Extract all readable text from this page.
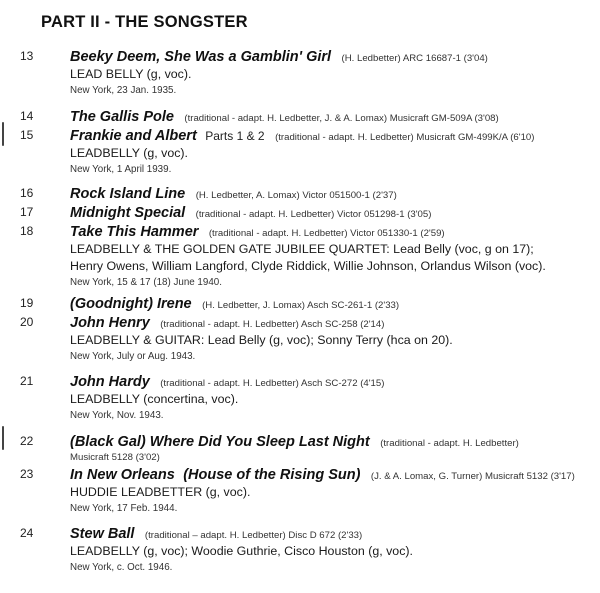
PART II - THE SONGSTER
13	Beeky Deem, She Was a Gamblin' Girl (H. Ledbetter) ARC 16687-1 (3'04)
LEAD BELLY (g, voc).
New York, 23 Jan. 1935.
14	The Gallis Pole (traditional - adapt. H. Ledbetter, J. & A. Lomax) Musicraft GM-509A (3'08)
15	Frankie and Albert Parts 1 & 2 (traditional - adapt. H. Ledbetter) Musicraft GM-499K/A (6'10)
LEADBELLY (g, voc).
New York, 1 April 1939.
16	Rock Island Line (H. Ledbetter, A. Lomax) Victor 051500-1 (2'37)
17	Midnight Special (traditional - adapt. H. Ledbetter) Victor 051298-1 (3'05)
18	Take This Hammer (traditional - adapt. H. Ledbetter) Victor 051330-1 (2'59)
LEADBELLY & THE GOLDEN GATE JUBILEE QUARTET: Lead Belly (voc, g on 17);
Henry Owens, William Langford, Clyde Riddick, Willie Johnson, Orlandus Wilson (voc).
New York, 15 & 17 (18) June 1940.
19	(Goodnight) Irene (H. Ledbetter, J. Lomax) Asch SC-261-1 (2'33)
20	John Henry (traditional - adapt. H. Ledbetter) Asch SC-258 (2'14)
LEADBELLY & GUITAR: Lead Belly (g, voc); Sonny Terry (hca on 20).
New York, July or Aug. 1943.
21	John Hardy (traditional - adapt. H. Ledbetter) Asch SC-272 (4'15)
LEADBELLY (concertina, voc).
New York, Nov. 1943.
22	(Black Gal) Where Did You Sleep Last Night (traditional - adapt. H. Ledbetter)
Musicraft 5128 (3'02)
23	In New Orleans (House of the Rising Sun) (J. & A. Lomax, G. Turner) Musicraft 5132 (3'17)
HUDDIE LEADBETTER (g, voc).
New York, 17 Feb. 1944.
24	Stew Ball (traditional – adapt. H. Ledbetter) Disc D 672 (2'33)
LEADBELLY (g, voc); Woodie Guthrie, Cisco Houston (g, voc).
New York, c. Oct. 1946.
